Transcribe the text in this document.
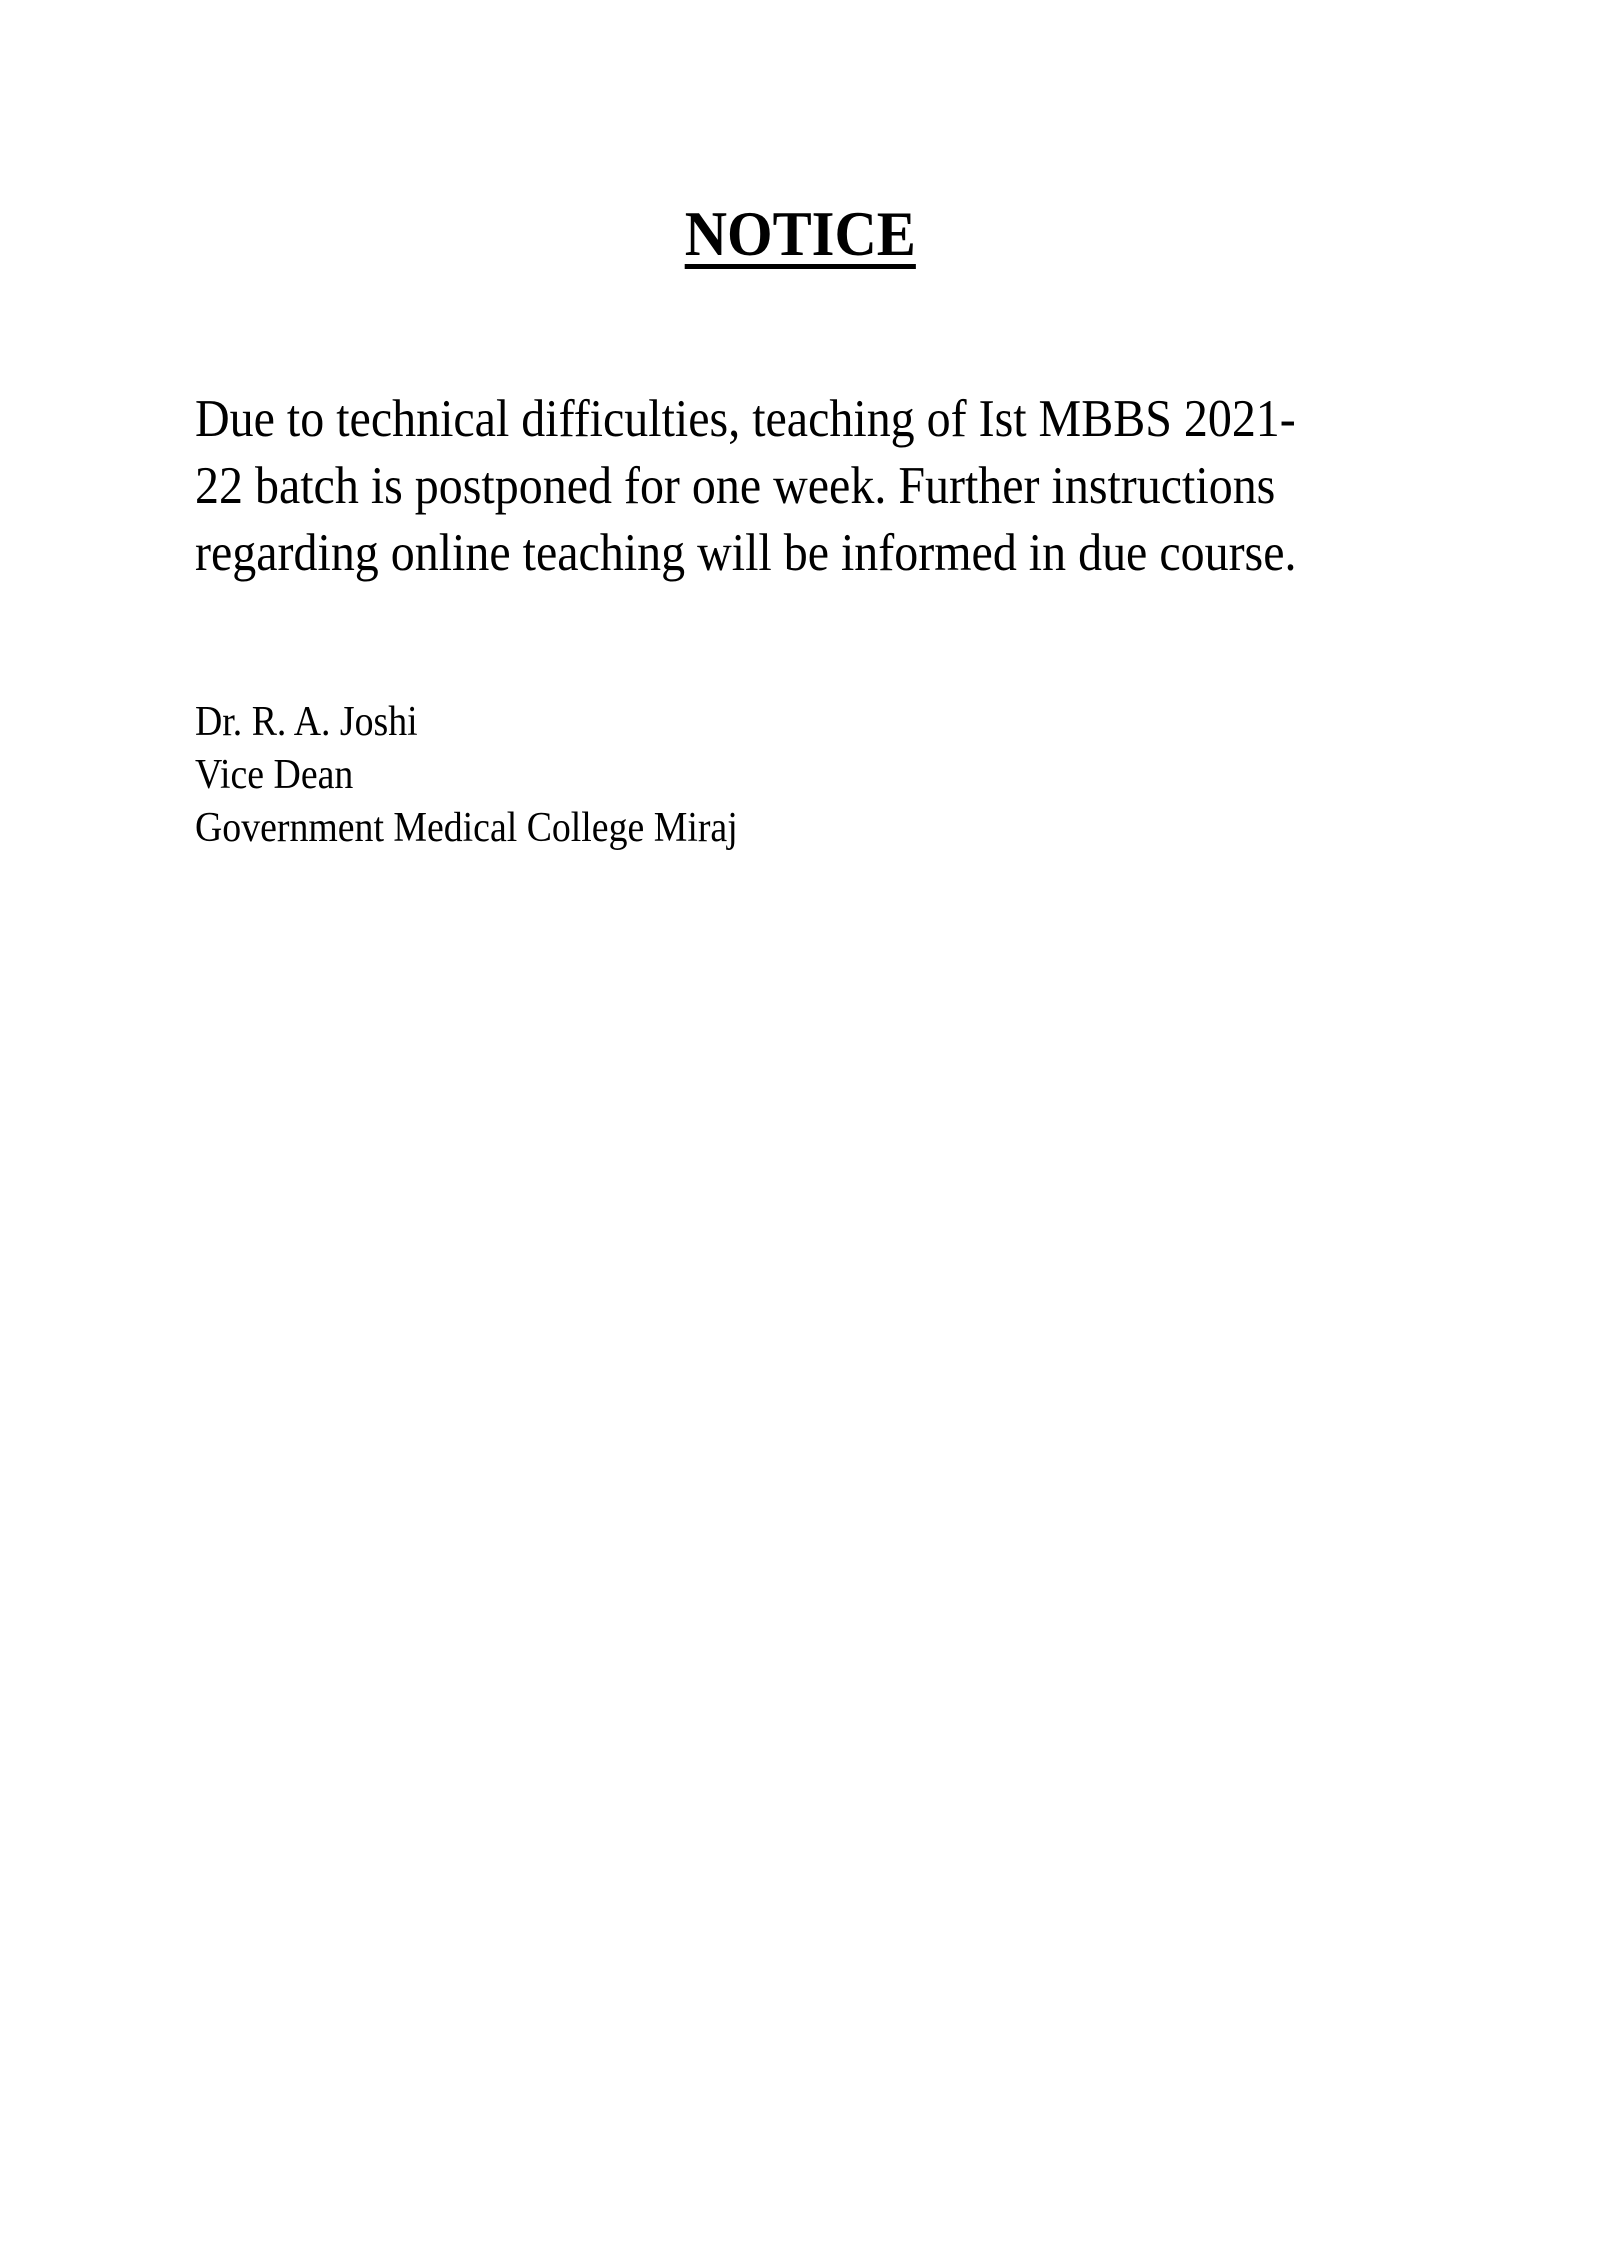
NOTICE
Due to technical difficulties, teaching of Ist MBBS 2021-
22 batch is postponed for one week. Further instructions
regarding online teaching will be informed in due course.
Dr. R. A. Joshi
Vice Dean
Government Medical College Miraj
